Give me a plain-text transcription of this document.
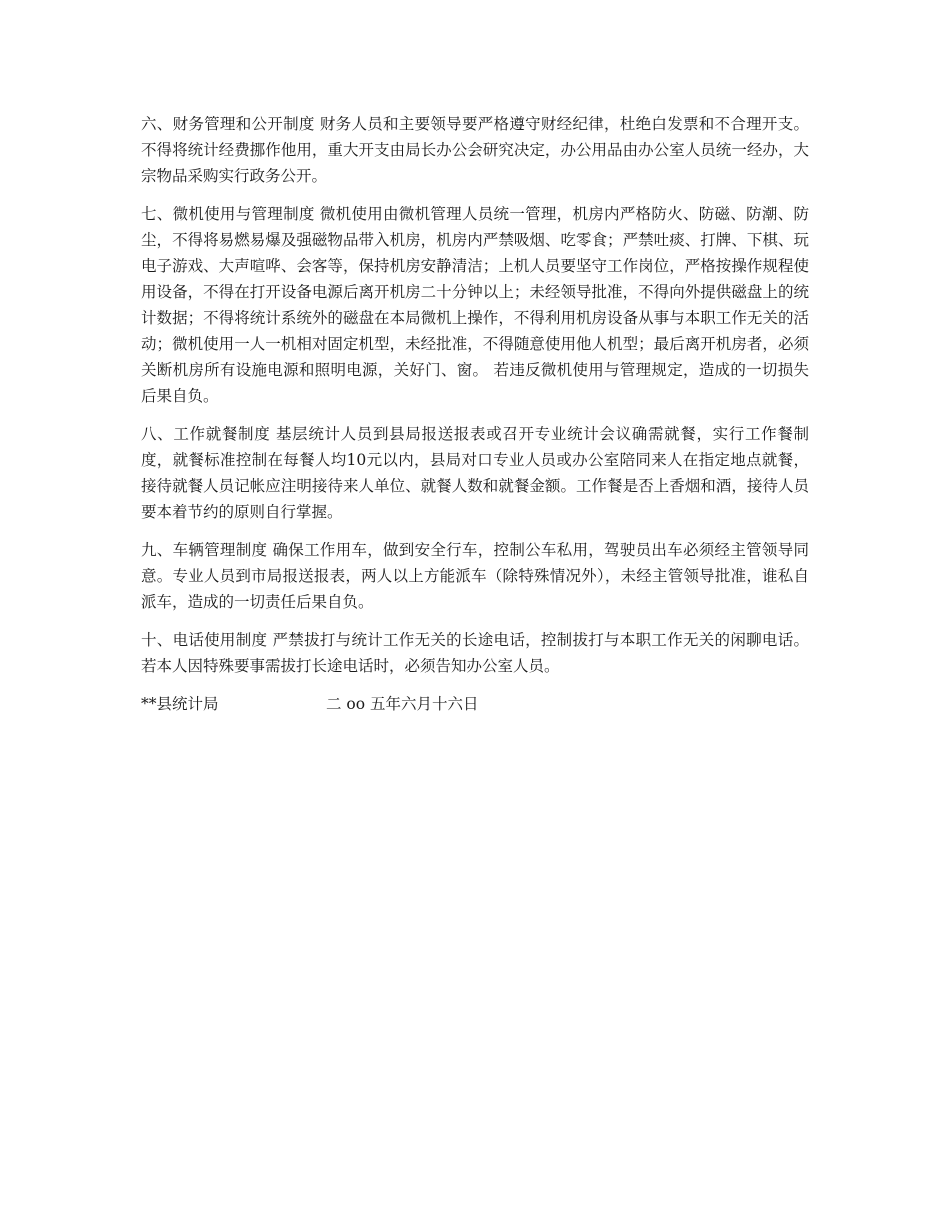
六、财务管理和公开制度 财务人员和主要领导要严格遵守财经纪律，杜绝白发票和不合理开支。不得将统计经费挪作他用，重大开支由局长办公会研究决定，办公用品由办公室人员统一经办，大宗物品采购实行政务公开。

七、微机使用与管理制度 微机使用由微机管理人员统一管理，机房内严格防火、防磁、防潮、防尘，不得将易燃易爆及强磁物品带入机房，机房内严禁吸烟、吃零食；严禁吐痰、打牌、下棋、玩电子游戏、大声喧哗、会客等，保持机房安静清洁；上机人员要坚守工作岗位，严格按操作规程使用设备，不得在打开设备电源后离开机房二十分钟以上；未经领导批准，不得向外提供磁盘上的统计数据；不得将统计系统外的磁盘在本局微机上操作，不得利用机房设备从事与本职工作无关的活动；微机使用一人一机相对固定机型，未经批准，不得随意使用他人机型；最后离开机房者，必须关断机房所有设施电源和照明电源，关好门、窗。 若违反微机使用与管理规定，造成的一切损失后果自负。

八、工作就餐制度 基层统计人员到县局报送报表或召开专业统计会议确需就餐，实行工作餐制度，就餐标准控制在每餐人均10元以内，县局对口专业人员或办公室陪同来人在指定地点就餐，接待就餐人员记帐应注明接待来人单位、就餐人数和就餐金额。工作餐是否上香烟和酒，接待人员要本着节约的原则自行掌握。

九、车辆管理制度 确保工作用车，做到安全行车，控制公车私用，驾驶员出车必须经主管领导同意。专业人员到市局报送报表，两人以上方能派车（除特殊情况外），未经主管领导批准，谁私自派车，造成的一切责任后果自负。

十、电话使用制度 严禁拔打与统计工作无关的长途电话，控制拔打与本职工作无关的闲聊电话。若本人因特殊要事需拔打长途电话时，必须告知办公室人员。

**县统计局	二 oo 五年六月十六日
